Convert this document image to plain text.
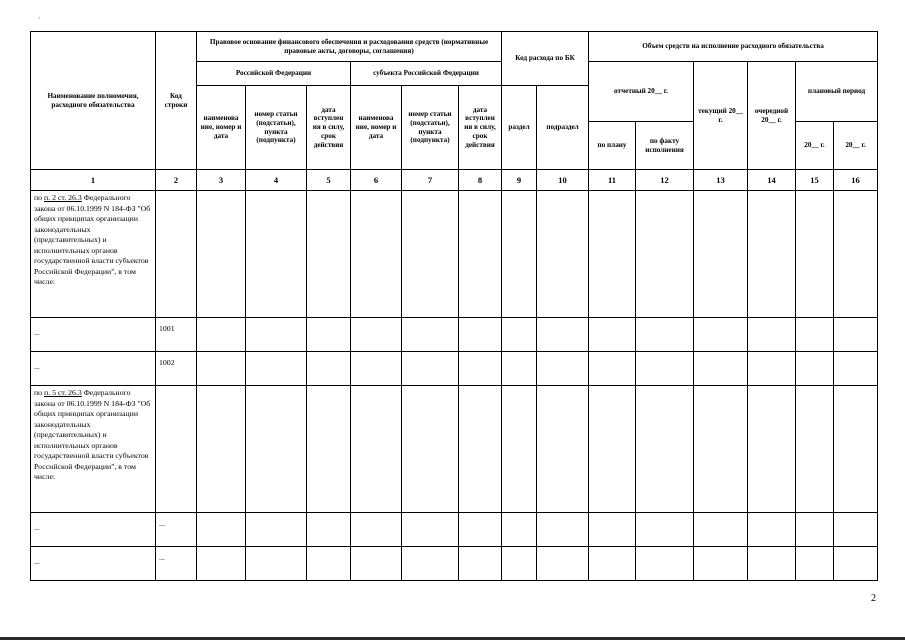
´
Наименование полномочия, расходного обязательства	Код строки	Правовое основание финансового обеспечения и расходования средств (нормативные правовые акты, договоры, соглашения)						Код расхода по БК		Объем средств на исполнение расходного обязательства					
		Российской Федерации			субъекта Российской Федерации					отчетный 20__ г.		текущий 20__ г.	очередной 20__ г.	плановый период	
		наименова ние, номер и дата	номер статьи (подстатьи), пункта (подпункта)	дата вступлен ия в силу, срок действия	наименова ние, номер и дата	номер статьи (подстатьи), пункта (подпункта)	дата вступлен ия в силу, срок действия	раздел	подраздел						
										по плану	по факту исполнения			20__ г.	20__ г.
1	2	3	4	5	6	7	8	9	10	11	12	13	14	15	16
по п. 2 ст. 26.3 Федерального закона от 06.10.1999 N 184-ФЗ "Об общих принципах организации законодательных (представительных) и исполнительных органов государственной власти субъектов Российской Федерации", в том числе:															
...	1001														
...	1002														
по п. 5 ст. 26.3 Федерального закона от 06.10.1999 N 184-ФЗ "Об общих принципах организации законодательных (представительных) и исполнительных органов государственной власти субъектов Российской Федерации", в том числе:															
...	...														
...	...														
2
